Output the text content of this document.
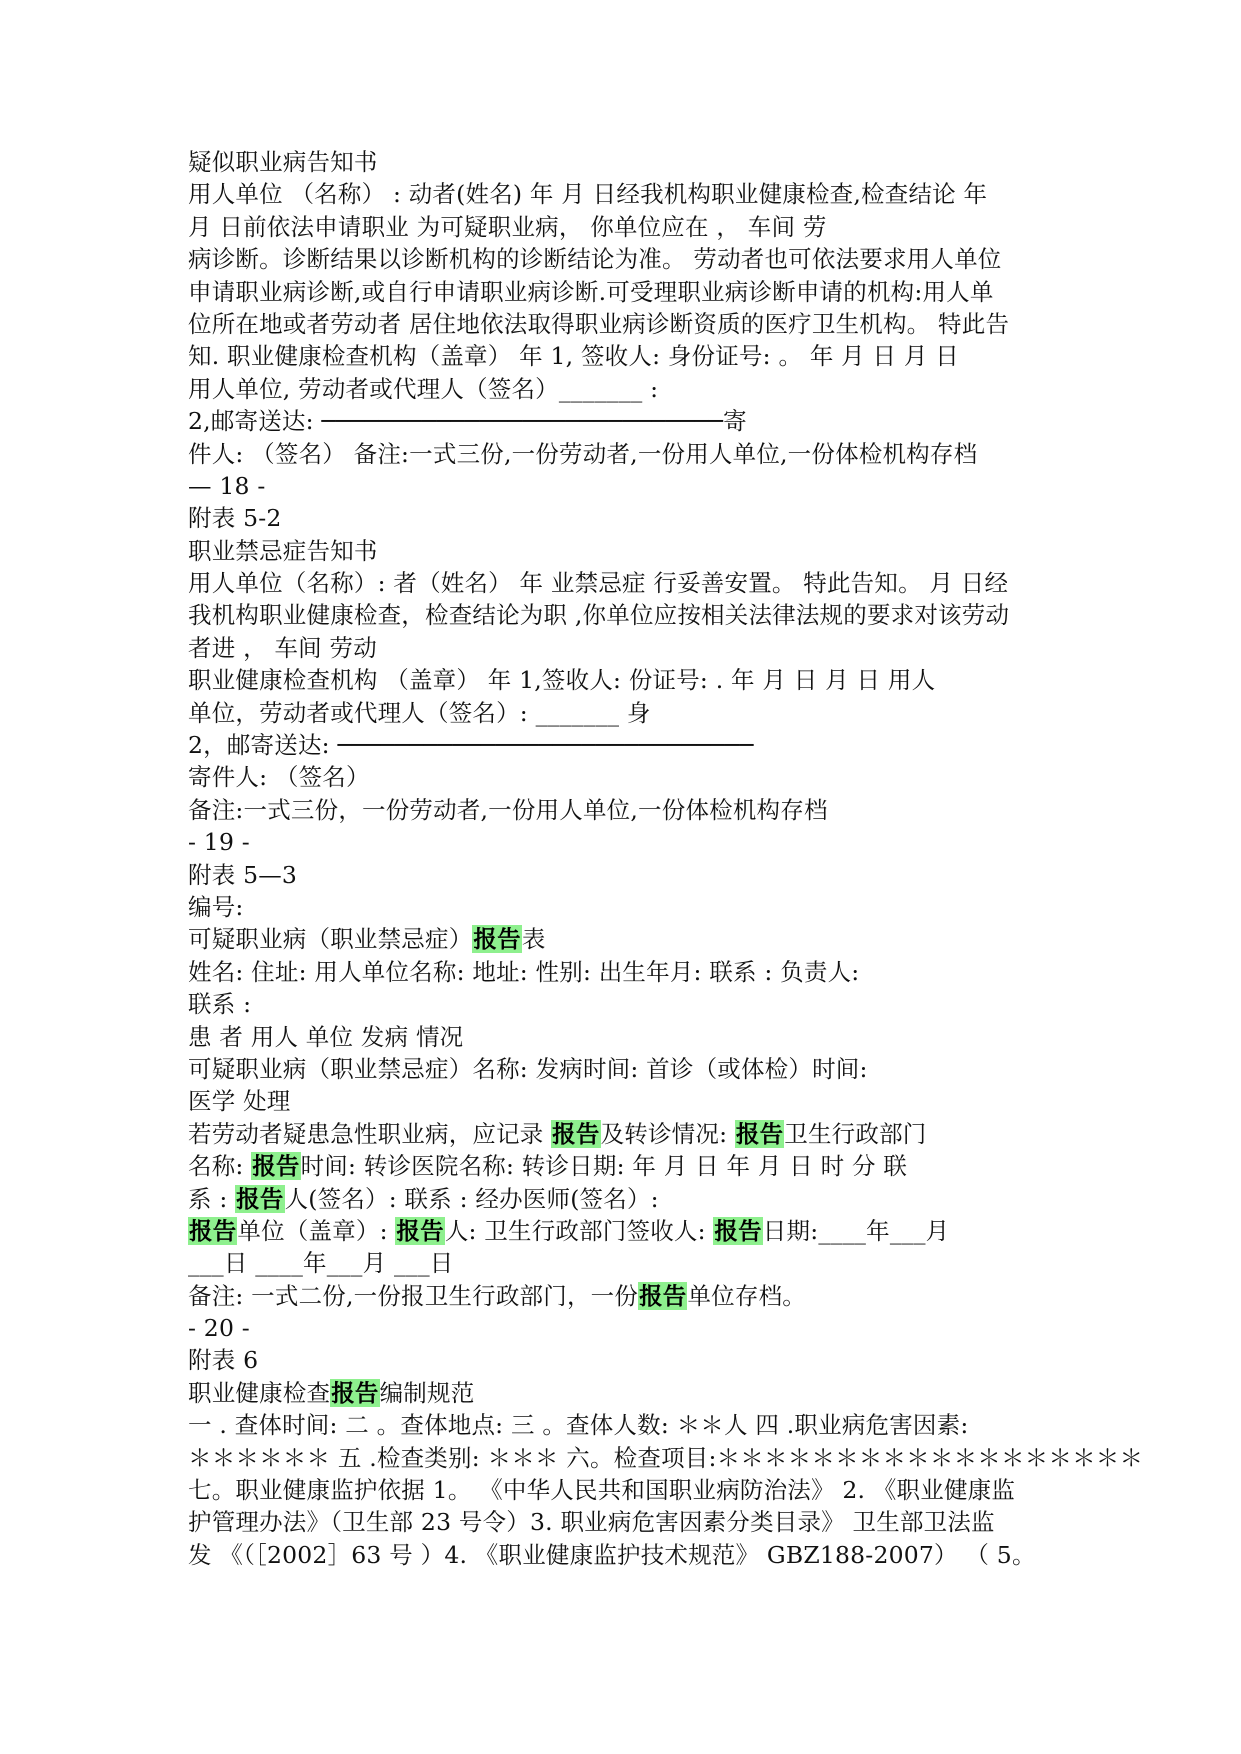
疑似职业病告知书
用人单位 （名称） : 动者(姓名) 年 月 日经我机构职业健康检查,检查结论 年
月 日前依法申请职业 为可疑职业病， 你单位应在 ， 车间 劳
病诊断。诊断结果以诊断机构的诊断结论为准。 劳动者也可依法要求用人单位
申请职业病诊断,或自行申请职业病诊断.可受理职业病诊断申请的机构:用人单
位所在地或者劳动者 居住地依法取得职业病诊断资质的医疗卫生机构。 特此告
知. 职业健康检查机构（盖章） 年 1, 签收人: 身份证号: 。 年 月 日 月 日
用人单位, 劳动者或代理人（签名）_______ :
2,邮寄送达: ────────────────────────────寄
件人: （签名） 备注:一式三份,一份劳动者,一份用人单位,一份体检机构存档
— 18 -
附表 5-2
职业禁忌症告知书
用人单位（名称）: 者（姓名） 年 业禁忌症 行妥善安置。 特此告知。 月 日经
我机构职业健康检查，检查结论为职 ,你单位应按相关法律法规的要求对该劳动
者进 ， 车间 劳动
职业健康检查机构 （盖章） 年 1,签收人: 份证号: . 年 月 日 月 日 用人
单位，劳动者或代理人（签名）: _______ 身
2，邮寄送达: ─────────────────────────────
寄件人: （签名）
备注:一式三份，一份劳动者,一份用人单位,一份体检机构存档
- 19 -
附表 5—3
编号:
可疑职业病（职业禁忌症）报告表
姓名: 住址: 用人单位名称: 地址: 性别: 出生年月: 联系 : 负责人:
联系 :
患 者 用人 单位 发病 情况
可疑职业病（职业禁忌症）名称: 发病时间: 首诊（或体检）时间:
医学 处理
若劳动者疑患急性职业病，应记录 报告及转诊情况: 报告卫生行政部门
名称: 报告时间: 转诊医院名称: 转诊日期: 年 月 日 年 月 日 时 分 联
系 : 报告人(签名）: 联系 : 经办医师(签名）:
报告单位（盖章）: 报告人: 卫生行政部门签收人: 报告日期:____年___月
___日 ____年___月 ___日
备注: 一式二份,一份报卫生行政部门，一份报告单位存档。
- 20 -
附表 6
职业健康检查报告编制规范
一 . 查体时间: 二 。查体地点: 三 。查体人数: ＊＊人 四 .职业病危害因素:
＊＊＊＊＊＊ 五 .检查类别: ＊＊＊ 六。检查项目:＊＊＊＊＊＊＊＊＊＊＊＊＊＊＊＊＊＊
七。职业健康监护依据 1。 《中华人民共和国职业病防治法》 2. 《职业健康监
护管理办法》（卫生部 23 号令）3. 职业病危害因素分类目录》 卫生部卫法监
发 《（［2002］63 号 ）4. 《职业健康监护技术规范》 GBZ188-2007） （ 5。
